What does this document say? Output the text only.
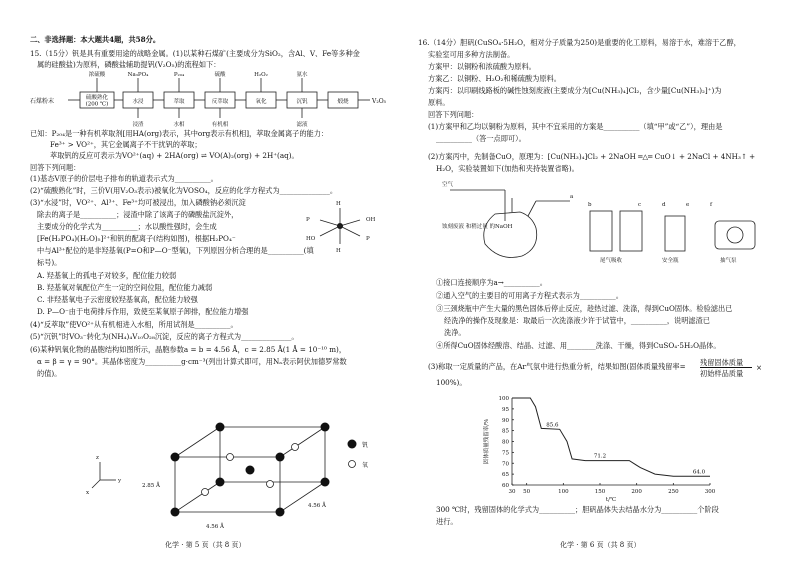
二、非选择题：本大题共4题，共58分。
15.（15分）钒是具有重要用途的战略金属。(1)以某种石煤矿(主要成分为SiO₂，含Al、V、Fe等多种金
属的硅酸盐)为原料，磷酸盐辅助提钒(V₂O₅)的流程如下：
石煤粉末	硫酸熟化
(200 ℃)	水浸	萃取	反萃取	氧化	沉钒	煅烧	V₂O₅
浓硫酸	Na₃PO₄	P₂₀₄	硫酸	H₂O₂	氨水
浸渣	水相	有机相	滤液
已知：P₂₀₄是一种有机萃取剂[用HA(org)表示，其中org表示有机相]，萃取金属离子的能力：
Fe³⁺ > VO²⁺，其它金属离子不干扰钒的萃取；
萃取钒的反应可表示为VO²⁺(aq) + 2HA(org) ⇌ VO(A)₂(org) + 2H⁺(aq)。
回答下列问题：
(1)基态V原子的价层电子排布的轨道表示式为__________。
(2)“硫酸熟化”时，三价V(用V₂O₃表示)被氧化为VOSO₄，反应的化学方程式为______________。
(3)“水浸”时，VO²⁺、Al³⁺、Fe³⁺均可被浸出，加入磷酸钠必须沉淀
除去的离子是__________；浸渣中除了该离子的磷酸盐沉淀外，
主要成分的化学式为__________；水以酸性强时，会生成
[Fe(H₂PO₄)(H₂O)₅]²⁺和钒的配离子(结构如图)，根据H₂PO₄⁻
中与Al³⁺配位的是非羟基氧(P=O和P—O⁻型氧)，下列原因分析合理的是__________(填
标号)。
H
H
P	OH
HO	P
A. 羟基氧上的孤电子对较多，配位能力较弱
B. 羟基氧对氧配位产生一定的空间位阻，配位能力减弱
C. 非羟基氧电子云密度较羟基氧高，配位能力较强
D. P—O⁻由于电荷排斥作用，致使至某氧原子卸排，配位能力增强
(4)“反萃取”使VO²⁺从有机相进入水相，所用试剂是__________。
(5)“沉钒”时VO₃⁻转化为(NH₄)₄V₁₀O₂₈沉淀，反应的离子方程式为______________。
(6)某种钒氧化物的晶胞结构如图所示，晶胞参数a = b = 4.56 Å，c = 2.85 Å(1 Å = 10⁻¹⁰ m)，
α = β = γ = 90°。其晶体密度为__________g·cm⁻³(列出计算式即可，用Nₐ表示阿伏加德罗常数
的值)。
z
y
x
2.85 Å
4.56 Å
4.56 Å
钒
氧
化学 · 第 5 页（共 8 页）
16.（14分）胆矾(CuSO₄·5H₂O，相对分子质量为250)是重要的化工原料，易溶于水，难溶于乙醇，
实验室可用多种方法制备。
方案甲：以铜粉和浓硫酸为原料。
方案乙：以铜粉、H₂O₂和稀硫酸为原料。
方案丙：以印刷线路板的碱性蚀刻废液(主要成分为[Cu(NH₃)₄]Cl₂，含少量[Cu(NH₃)₂]⁺)为
原料。
回答下列问题：
(1)方案甲和乙均以铜粉为原料，其中不宜采用的方案是__________（填“甲”或“乙”），理由是
__________（答一点即可）。
(2)方案丙中，先制备CuO，原理为：[Cu(NH₃)₄]Cl₂ + 2NaOH ═△═ CuO↓ + 2NaCl + 4NH₃↑ +
H₂O，实验装置如下(加热和夹持装置省略)。
空气
a
蚀刻废液 和稍过量 的NaOH
b	c
尾气吸收
d	e
安全瓶
f
抽气泵
①接口连接顺序为a→__________。
②通入空气的主要目的可用离子方程式表示为__________。
③三颈烧瓶中产生大量的黑色固体后停止反应，趁热过滤、洗涤，得到CuO固体。检验滤出已
经洗净的操作及现象是：取最后一次洗涤液少许于试管中，__________，说明滤渣已
洗净。
④所得CuO固体经酸溶、结晶、过滤、用________洗涤、干燥，得到CuSO₄·5H₂O晶体。
(3)称取一定质量的产品，在Ar气氛中进行热重分析，结果如图(固体质量残留率= 残留固体质量
初始样品质量
×
100%)。
30 50	100	150	200	250	300
60
65
70
75
80
85
90
95
100
t/℃
固体质量残留率/%	85.6
71.2
64.0
300 ℃时，残留固体的化学式为__________；胆矾晶体失去结晶水分为__________个阶段
进行。
化学 · 第 6 页（共 8 页）
